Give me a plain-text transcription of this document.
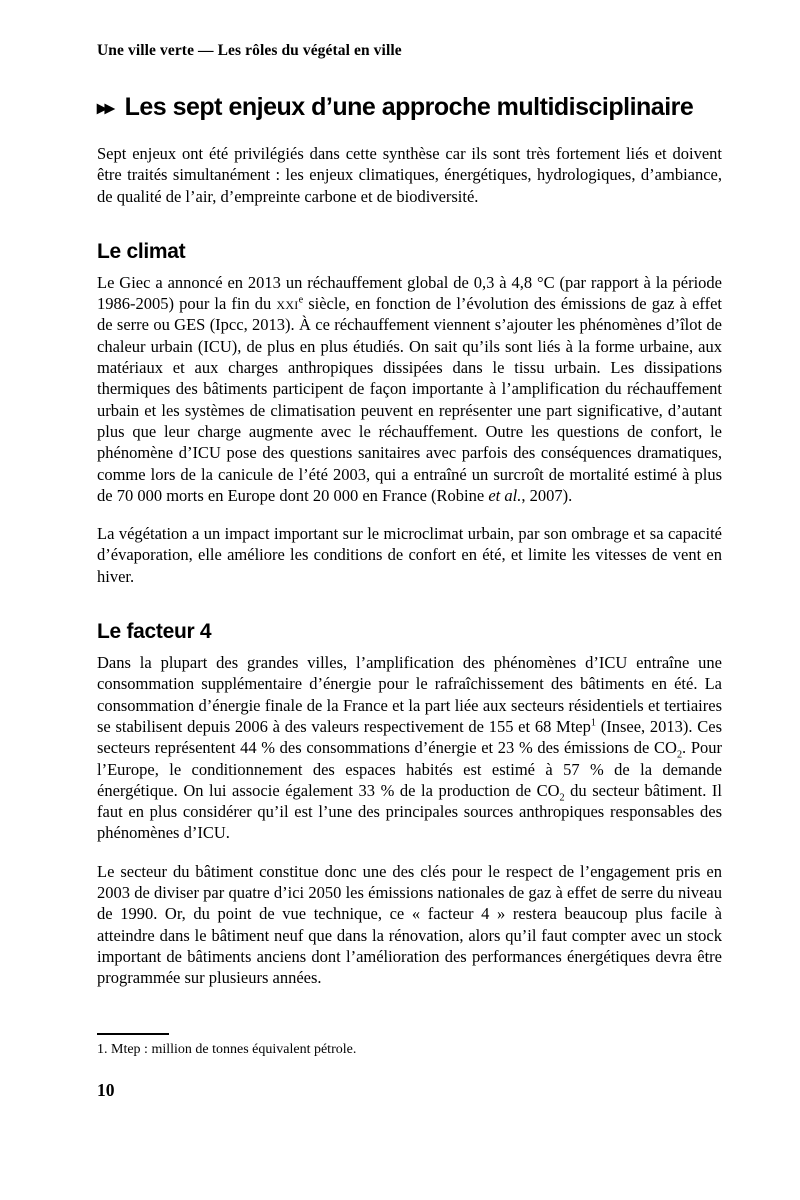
Une ville verte — Les rôles du végétal en ville
▸▸ Les sept enjeux d’une approche multidisciplinaire

Sept enjeux ont été privilégiés dans cette synthèse car ils sont très fortement liés et doivent être traités simultanément : les enjeux climatiques, énergétiques, hydrologiques, d’ambiance, de qualité de l’air, d’empreinte carbone et de biodiversité.

Le climat

Le Giec a annoncé en 2013 un réchauffement global de 0,3 à 4,8 °C (par rapport à la période 1986-2005) pour la fin du xxi$^e$ siècle, en fonction de l’évolution des émissions de gaz à effet de serre ou GES (Ipcc, 2013). À ce réchauffement viennent s’ajouter les phénomènes d’îlot de chaleur urbain (ICU), de plus en plus étudiés. On sait qu’ils sont liés à la forme urbaine, aux matériaux et aux charges anthropiques dissipées dans le tissu urbain. Les dissipations thermiques des bâtiments participent de façon importante à l’amplification du réchauffement urbain et les systèmes de climatisation peuvent en représenter une part significative, d’autant plus que leur charge augmente avec le réchauffement. Outre les questions de confort, le phénomène d’ICU pose des questions sanitaires avec parfois des conséquences dramatiques, comme lors de la canicule de l’été 2003, qui a entraîné un surcroît de mortalité estimé à plus de 70 000 morts en Europe dont 20 000 en France (Robine et al., 2007).

La végétation a un impact important sur le microclimat urbain, par son ombrage et sa capacité d’évaporation, elle améliore les conditions de confort en été, et limite les vitesses de vent en hiver.

Le facteur 4

Dans la plupart des grandes villes, l’amplification des phénomènes d’ICU entraîne une consommation supplémentaire d’énergie pour le rafraîchissement des bâtiments en été. La consommation d’énergie finale de la France et la part liée aux secteurs résidentiels et tertiaires se stabilisent depuis 2006 à des valeurs respectivement de 155 et 68 Mtep$^1$ (Insee, 2013). Ces secteurs représentent 44 % des consommations d’énergie et 23 % des émissions de $CO_2$. Pour l’Europe, le conditionnement des espaces habités est estimé à 57 % de la demande énergétique. On lui associe également 33 % de la production de $CO_2$ du secteur bâtiment. Il faut en plus considérer qu’il est l’une des principales sources anthropiques responsables des phénomènes d’ICU.

Le secteur du bâtiment constitue donc une des clés pour le respect de l’engagement pris en 2003 de diviser par quatre d’ici 2050 les émissions nationales de gaz à effet de serre du niveau de 1990. Or, du point de vue technique, ce « facteur 4 » restera beaucoup plus facile à atteindre dans le bâtiment neuf que dans la rénovation, alors qu’il faut compter avec un stock important de bâtiments anciens dont l’amélioration des performances énergétiques devra être programmée sur plusieurs années.

1. Mtep : million de tonnes équivalent pétrole.

10
